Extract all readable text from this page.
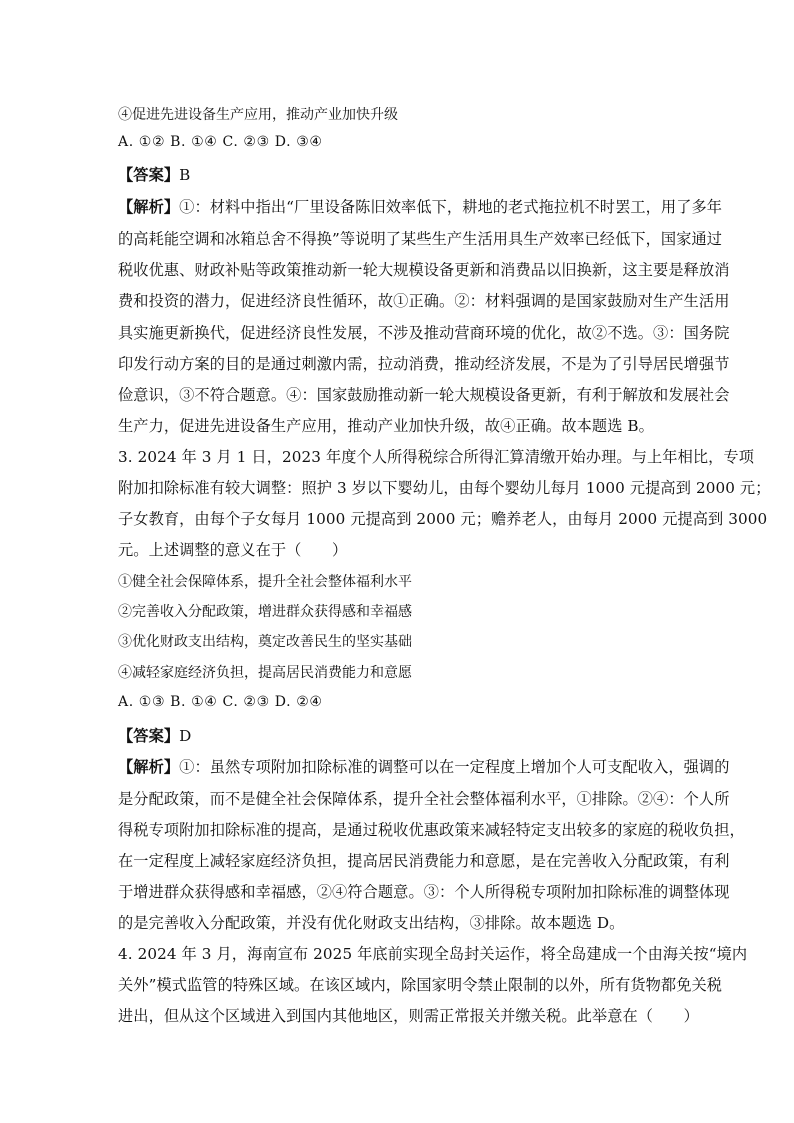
④促进先进设备生产应用，推动产业加快升级
A. ①② B. ①④ C. ②③ D. ③④
【答案】B
【解析】①：材料中指出“厂里设备陈旧效率低下，耕地的老式拖拉机不时罢工，用了多年
的高耗能空调和冰箱总舍不得换”等说明了某些生产生活用具生产效率已经低下，国家通过
税收优惠、财政补贴等政策推动新一轮大规模设备更新和消费品以旧换新，这主要是释放消
费和投资的潜力，促进经济良性循环，故①正确。②：材料强调的是国家鼓励对生产生活用
具实施更新换代，促进经济良性发展，不涉及推动营商环境的优化，故②不选。③：国务院
印发行动方案的目的是通过刺激内需，拉动消费，推动经济发展，不是为了引导居民增强节
俭意识，③不符合题意。④：国家鼓励推动新一轮大规模设备更新，有利于解放和发展社会
生产力，促进先进设备生产应用，推动产业加快升级，故④正确。故本题选 B。
3. 2024 年 3 月 1 日，2023 年度个人所得税综合所得汇算清缴开始办理。与上年相比，专项
附加扣除标准有较大调整：照护 3 岁以下婴幼儿，由每个婴幼儿每月 1000 元提高到 2000 元；
子女教育，由每个子女每月 1000 元提高到 2000 元；赡养老人，由每月 2000 元提高到 3000
元。上述调整的意义在于（　　）
①健全社会保障体系，提升全社会整体福利水平
②完善收入分配政策，增进群众获得感和幸福感
③优化财政支出结构，奠定改善民生的坚实基础
④减轻家庭经济负担，提高居民消费能力和意愿
A. ①③ B. ①④ C. ②③ D. ②④
【答案】D
【解析】①：虽然专项附加扣除标准的调整可以在一定程度上增加个人可支配收入，强调的
是分配政策，而不是健全社会保障体系，提升全社会整体福利水平，①排除。②④：个人所
得税专项附加扣除标准的提高，是通过税收优惠政策来减轻特定支出较多的家庭的税收负担，
在一定程度上减轻家庭经济负担，提高居民消费能力和意愿，是在完善收入分配政策，有利
于增进群众获得感和幸福感，②④符合题意。③：个人所得税专项附加扣除标准的调整体现
的是完善收入分配政策，并没有优化财政支出结构，③排除。故本题选 D。
4. 2024 年 3 月，海南宣布 2025 年底前实现全岛封关运作，将全岛建成一个由海关按“境内
关外”模式监管的特殊区域。在该区域内，除国家明令禁止限制的以外，所有货物都免关税
进出，但从这个区域进入到国内其他地区，则需正常报关并缴关税。此举意在（　　）
